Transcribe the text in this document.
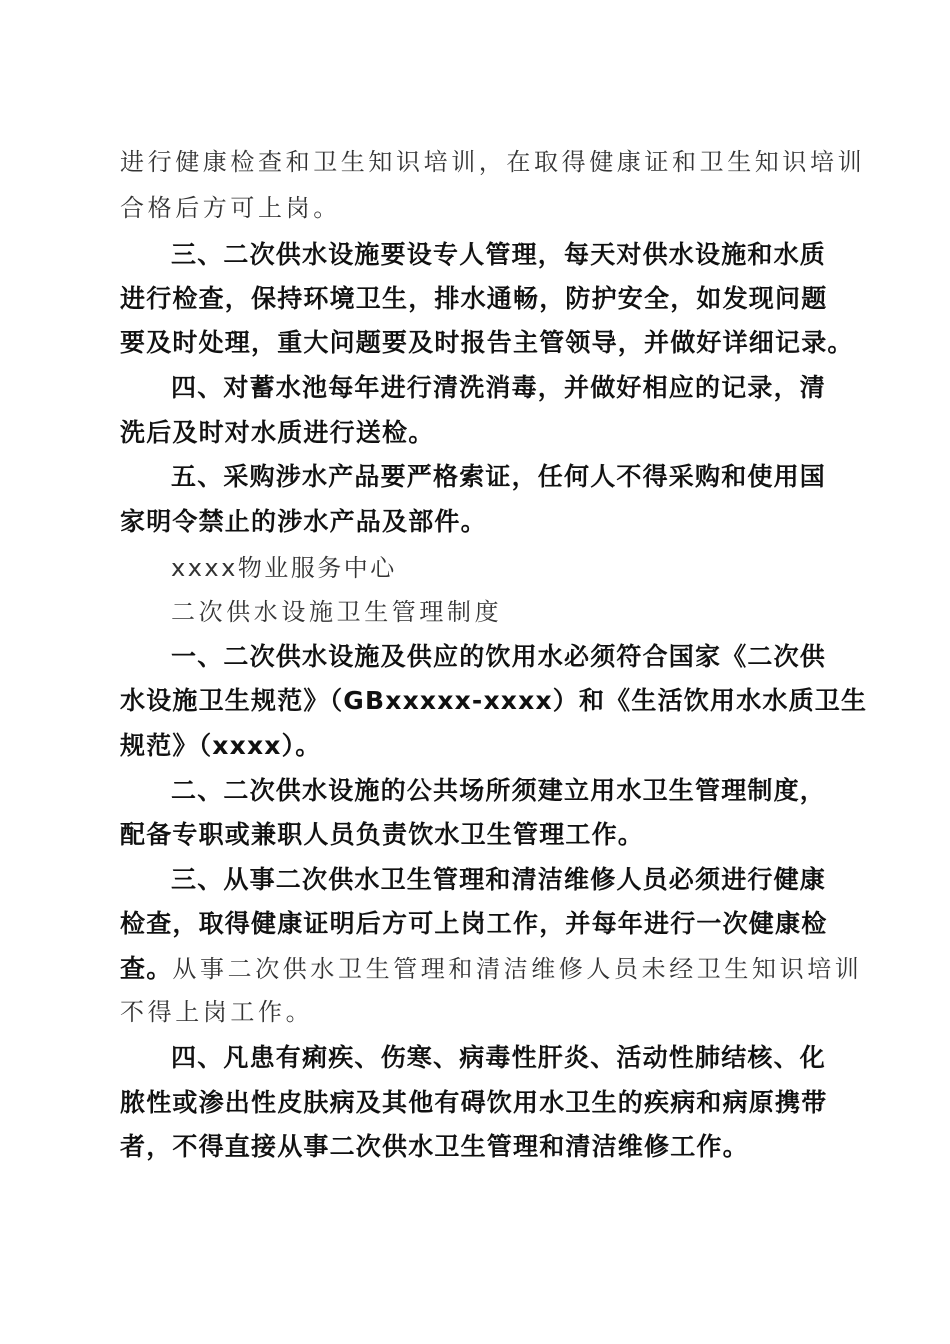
进行健康检查和卫生知识培训，在取得健康证和卫生知识培训
合格后方可上岗。
三、二次供水设施要设专人管理，每天对供水设施和水质
进行检查，保持环境卫生，排水通畅，防护安全，如发现问题
要及时处理，重大问题要及时报告主管领导，并做好详细记录。
四、对蓄水池每年进行清洗消毒，并做好相应的记录，清
洗后及时对水质进行送检。
五、采购涉水产品要严格索证，任何人不得采购和使用国
家明令禁止的涉水产品及部件。
xxxx物业服务中心
二次供水设施卫生管理制度
一、二次供水设施及供应的饮用水必须符合国家《二次供
水设施卫生规范》（GBxxxxx-xxxx）和《生活饮用水水质卫生
规范》（xxxx）。
二、二次供水设施的公共场所须建立用水卫生管理制度，
配备专职或兼职人员负责饮水卫生管理工作。
三、从事二次供水卫生管理和清洁维修人员必须进行健康
检查，取得健康证明后方可上岗工作，并每年进行一次健康检
查。从事二次供水卫生管理和清洁维修人员未经卫生知识培训
不得上岗工作。
四、凡患有痢疾、伤寒、病毒性肝炎、活动性肺结核、化
脓性或渗出性皮肤病及其他有碍饮用水卫生的疾病和病原携带
者，不得直接从事二次供水卫生管理和清洁维修工作。
